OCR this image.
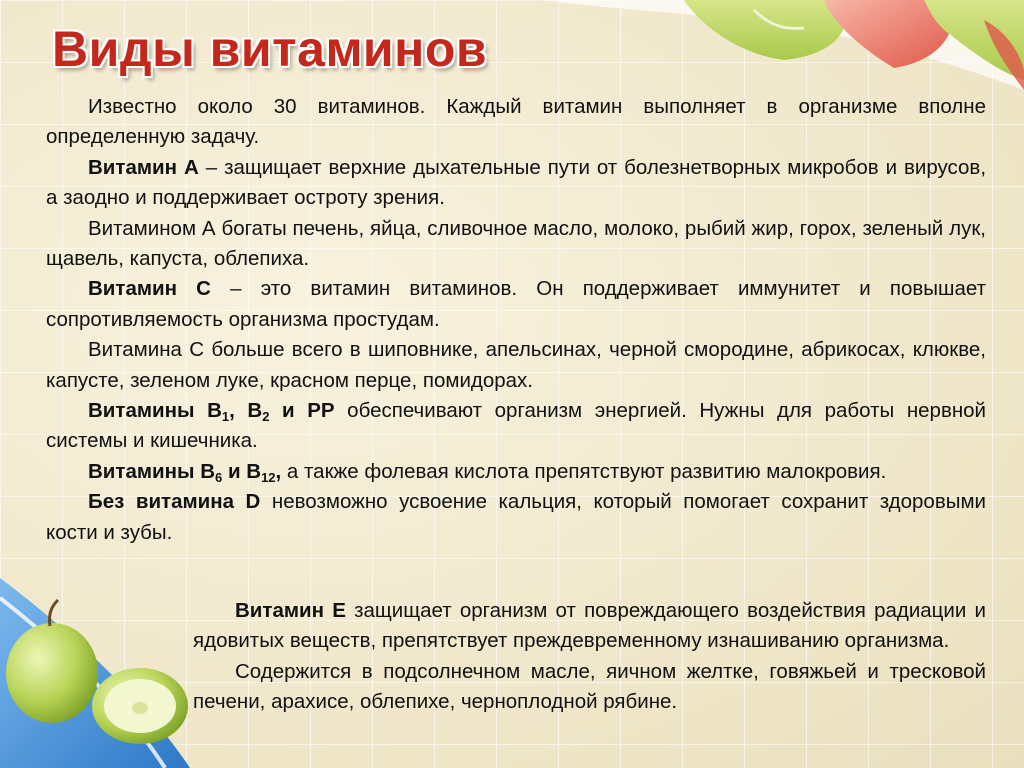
Виды витаминов

Известно около 30 витаминов. Каждый витамин выполняет в организме вполне определенную задачу.

Витамин А – защищает верхние дыхательные пути от болезнетворных микробов и вирусов, а заодно и поддерживает остроту зрения.

Витамином А богаты печень, яйца, сливочное масло, молоко, рыбий жир, горох, зеленый лук, щавель, капуста, облепиха.

Витамин С – это витамин витаминов. Он поддерживает иммунитет и повышает сопротивляемость организма простудам.

Витамина С больше всего в шиповнике, апельсинах, черной смородине, абрикосах, клюкве, капусте, зеленом луке, красном перце, помидорах.

Витамины $В_1$, $В_2$ и РР обеспечивают организм энергией. Нужны для работы нервной системы и кишечника.

Витамины $В_6$ и $В_{12}$, а также фолевая кислота препятствуют развитию малокровия.

Без витамина D невозможно усвоение кальция, который помогает сохранит здоровыми кости и зубы.

Витамин Е защищает организм от повреждающего воздействия радиации и ядовитых веществ, препятствует преждевременному изнашиванию организма.

Содержится в подсолнечном масле, яичном желтке, говяжьей и тресковой печени, арахисе, облепихе, черноплодной рябине.
